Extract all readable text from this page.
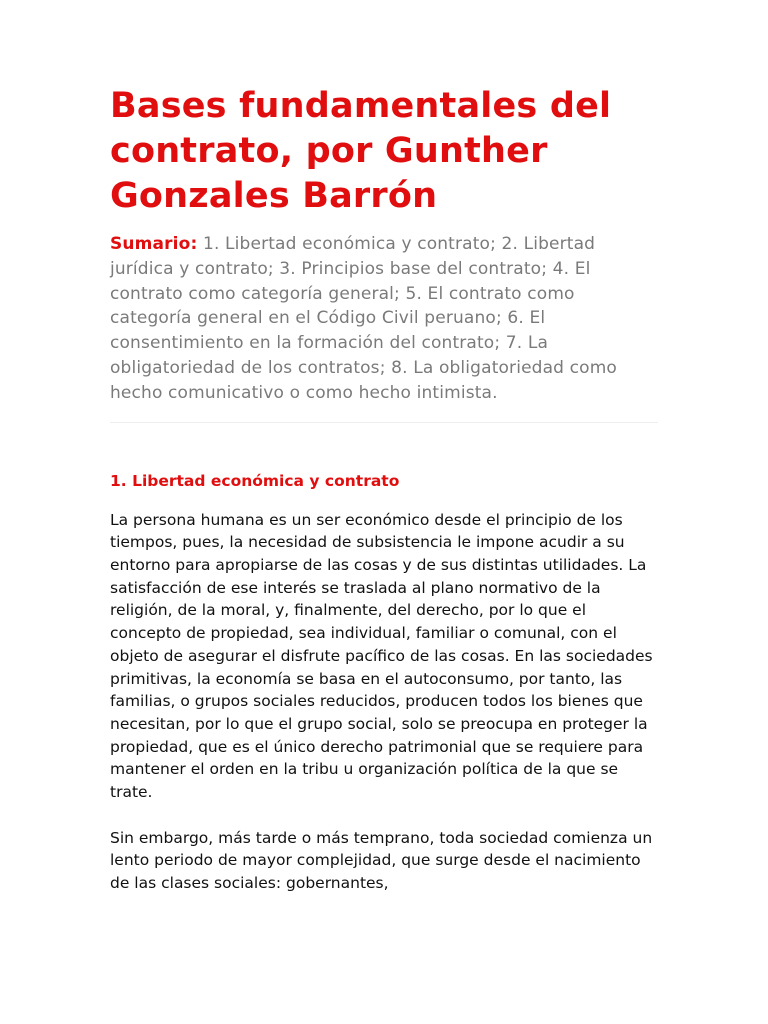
Bases fundamentales del contrato, por Gunther Gonzales Barrón

Sumario: 1. Libertad económica y contrato; 2. Libertad jurídica y contrato; 3. Principios base del contrato; 4. El contrato como categoría general; 5. El contrato como categoría general en el Código Civil peruano; 6. El consentimiento en la formación del contrato; 7. La obligatoriedad de los contratos; 8. La obligatoriedad como hecho comunicativo o como hecho intimista.

1. Libertad económica y contrato

La persona humana es un ser económico desde el principio de los tiempos, pues, la necesidad de subsistencia le impone acudir a su entorno para apropiarse de las cosas y de sus distintas utilidades. La satisfacción de ese interés se traslada al plano normativo de la religión, de la moral, y, finalmente, del derecho, por lo que el concepto de propiedad, sea individual, familiar o comunal, con el objeto de asegurar el disfrute pacífico de las cosas. En las sociedades primitivas, la economía se basa en el autoconsumo, por tanto, las familias, o grupos sociales reducidos, producen todos los bienes que necesitan, por lo que el grupo social, solo se preocupa en proteger la propiedad, que es el único derecho patrimonial que se requiere para mantener el orden en la tribu u organización política de la que se trate.

Sin embargo, más tarde o más temprano, toda sociedad comienza un lento periodo de mayor complejidad, que surge desde el nacimiento de las clases sociales: gobernantes,
